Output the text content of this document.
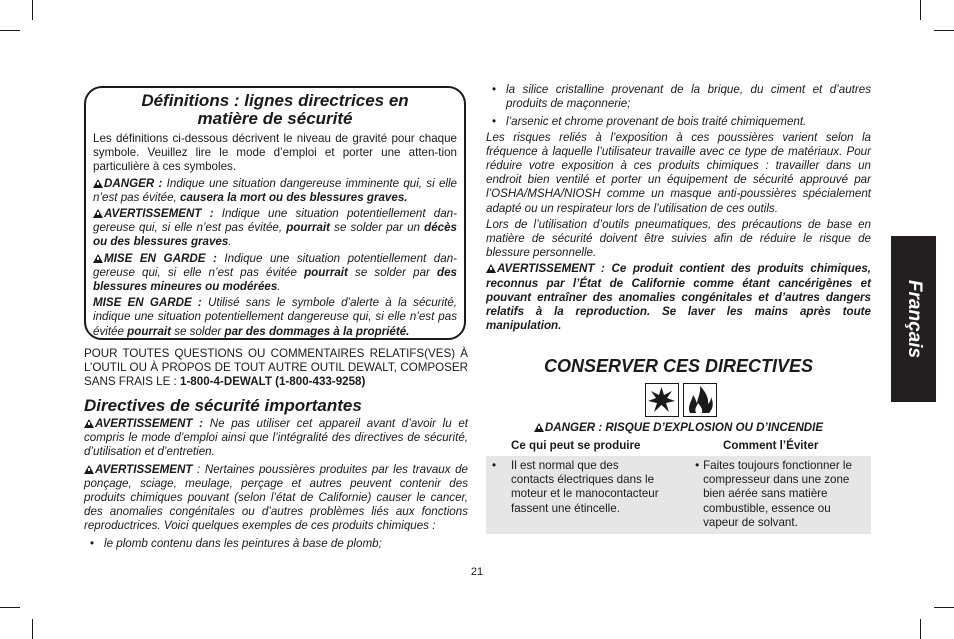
Définitions : lignes directrices en
matière de sécurité

Les définitions ci-dessous décrivent le niveau de gravité pour chaque symbole. Veuillez lire le mode d’emploi et porter une atten-tion particulière à ces symboles.

DANGER : Indique une situation dangereuse imminente qui, si elle n’est pas évitée, causera la mort ou des blessures graves.

AVERTISSEMENT : Indique une situation potentiellement dan-gereuse qui, si elle n’est pas évitée, pourrait se solder par un décès ou des blessures graves.

MISE EN GARDE : Indique une situation potentiellement dan-gereuse qui, si elle n’est pas évitée pourrait se solder par des blessures mineures ou modérées.

MISE EN GARDE : Utilisé sans le symbole d’alerte à la sécurité, indique une situation potentiellement dangereuse qui, si elle n’est pas évitée pourrait se solder par des dommages à la propriété.

POUR TOUTES QUESTIONS OU COMMENTAIRES RELATIFS(VES) À L’OUTIL OU À PROPOS DE TOUT AUTRE OUTIL DEWALT, COMPOSER SANS FRAIS LE : 1-800-4-DEWALT (1-800-433-9258)
Directives de sécurité importantes

AVERTISSEMENT : Ne pas utiliser cet appareil avant d’avoir lu et compris le mode d’emploi ainsi que l’intégralité des directives de sécurité, d’utilisation et d’entretien.

AVERTISSEMENT : Nertaines poussières produites par les travaux de ponçage, sciage, meulage, perçage et autres peuvent contenir des produits chimiques pouvant (selon l’état de Californie) causer le cancer, des anomalies congénitales ou d’autres problèmes liés aux fonctions reproductrices. Voici quelques exemples de ces produits chimiques :

• le plomb contenu dans les peintures à base de plomb;

• la silice cristalline provenant de la brique, du ciment et d’autres produits de maçonnerie;

• l’arsenic et chrome provenant de bois traité chimiquement.

Les risques reliés à l’exposition à ces poussières varient selon la fréquence à laquelle l’utilisateur travaille avec ce type de matériaux. Pour réduire votre exposition à ces produits chimiques : travailler dans un endroit bien ventilé et porter un équipement de sécurité approuvé par l’OSHA/MSHA/NIOSH comme un masque anti-poussières spécialement adapté ou un respirateur lors de l’utilisation de ces outils.

Lors de l’utilisation d’outils pneumatiques, des précautions de base en matière de sécurité doivent être suivies afin de réduire le risque de blessure personnelle.

AVERTISSEMENT : Ce produit contient des produits chimiques, reconnus par l’État de Californie comme étant cancérigènes et pouvant entraîner des anomalies congénitales et d’autres dangers relatifs à la reproduction. Se laver les mains après toute manipulation.

CONSERVER CES DIRECTIVES
DANGER : RISQUE D’EXPLOSION OU D’INCENDIE
Ce qui peut se produire	Comment l’Éviter
• Il est normal que des contacts électriques dans le moteur et le manocontacteur fassent une étincelle.
• Faites toujours fonctionner le compresseur dans une zone bien aérée sans matière combustible, essence ou vapeur de solvant.
Français
21
